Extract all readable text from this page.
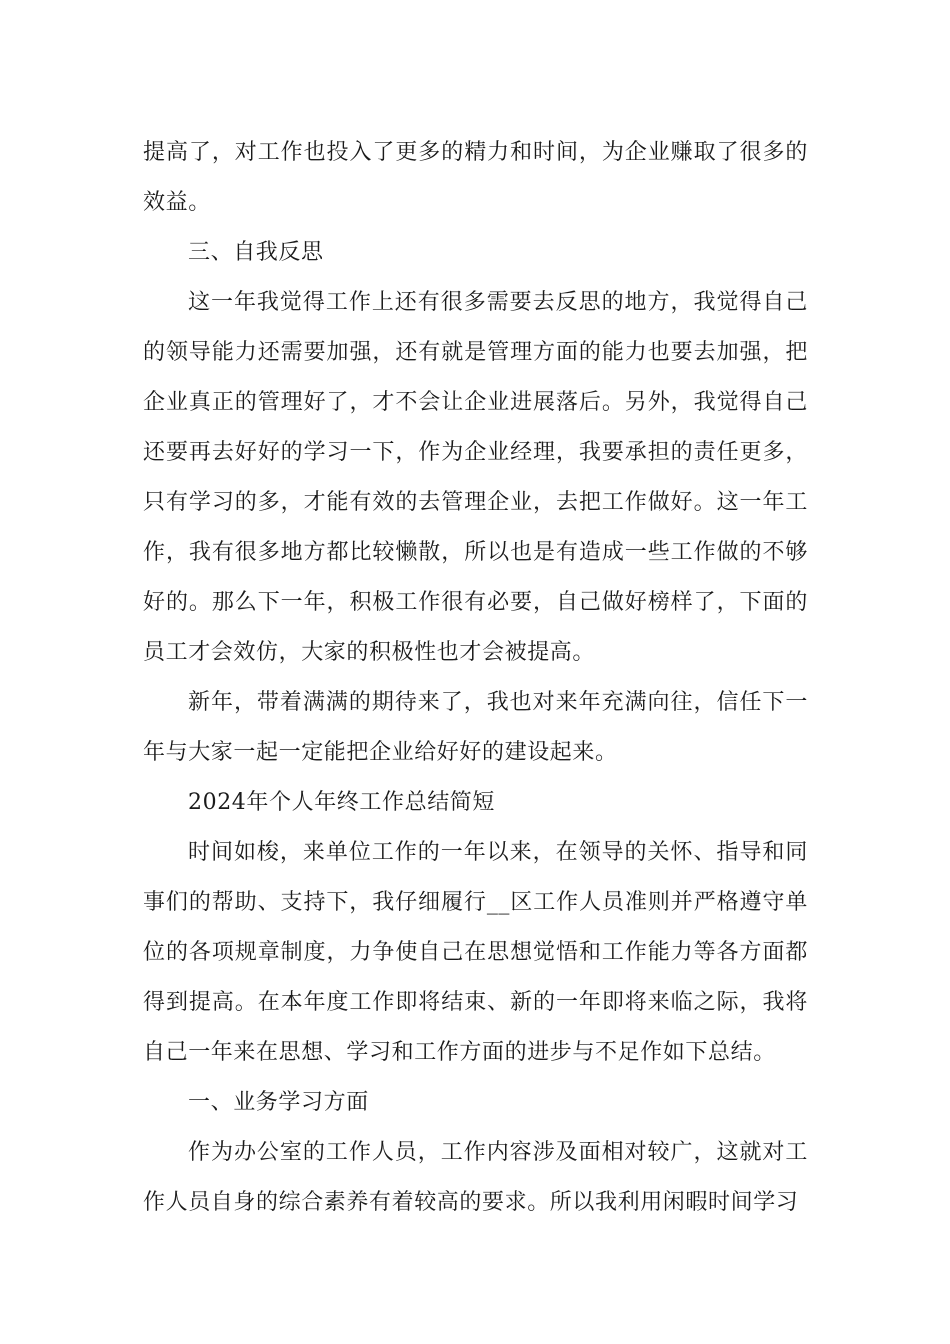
提高了，对工作也投入了更多的精力和时间，为企业赚取了很多的效益。

三、自我反思

这一年我觉得工作上还有很多需要去反思的地方，我觉得自己的领导能力还需要加强，还有就是管理方面的能力也要去加强，把企业真正的管理好了，才不会让企业进展落后。另外，我觉得自己还要再去好好的学习一下，作为企业经理，我要承担的责任更多，只有学习的多，才能有效的去管理企业，去把工作做好。这一年工作，我有很多地方都比较懒散，所以也是有造成一些工作做的不够好的。那么下一年，积极工作很有必要，自己做好榜样了，下面的员工才会效仿，大家的积极性也才会被提高。

新年，带着满满的期待来了，我也对来年充满向往，信任下一年与大家一起一定能把企业给好好的建设起来。

2024年个人年终工作总结简短

时间如梭，来单位工作的一年以来，在领导的关怀、指导和同事们的帮助、支持下，我仔细履行__区工作人员准则并严格遵守单位的各项规章制度，力争使自己在思想觉悟和工作能力等各方面都得到提高。在本年度工作即将结束、新的一年即将来临之际，我将自己一年来在思想、学习和工作方面的进步与不足作如下总结。

一、业务学习方面

作为办公室的工作人员，工作内容涉及面相对较广，这就对工作人员自身的综合素养有着较高的要求。所以我利用闲暇时间学习
